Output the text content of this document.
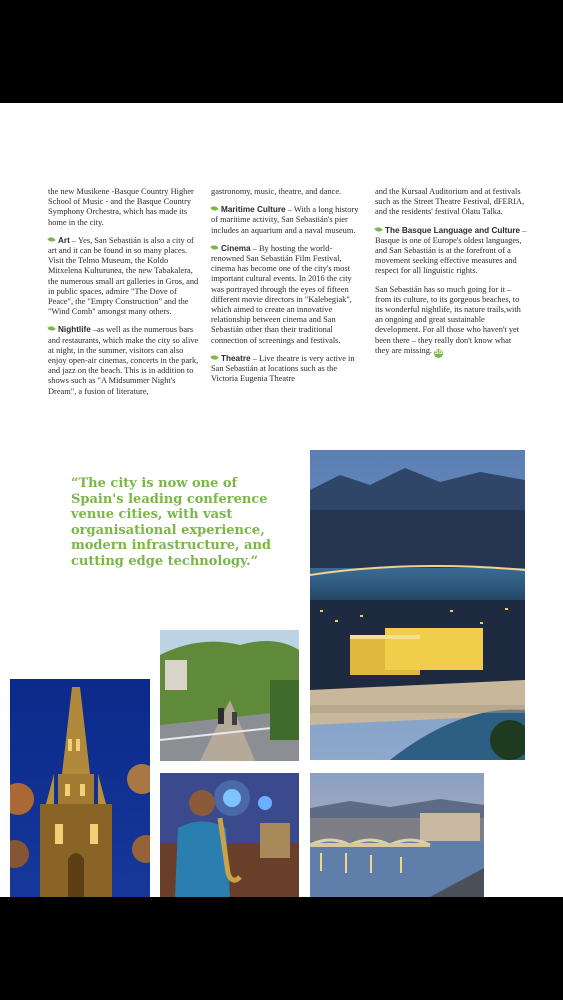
the new Musikene -Basque Country Higher School of Music - and the Basque Country Symphony Orchestra, which has made its home in the city.

Art – Yes, San Sebastián is also a city of art and it can be found in so many places. Visit the Telmo Museum, the Koldo Mitxelena Kulturunea, the new Tabakalera, the numerous small art galleries in Gros, and in public spaces, admire "The Dove of Peace", the "Empty Construction" and the "Wind Comb" amongst many others.

Nightlife –as well as the numerous bars and restaurants, which make the city so alive at night, in the summer, visitors can also enjoy open-air cinemas, concerts in the park, and jazz on the beach. This is in addition to shows such as "A Midsummer Night's Dream", a fusion of literature,

gastronomy, music, theatre, and dance.

Maritime Culture – With a long history of maritime activity, San Sebastián's pier includes an aquarium and a naval museum.

Cinema – By hosting the world-renowned San Sebastián Film Festival, cinema has become one of the city's most important cultural events. In 2016 the city was portrayed through the eyes of fifteen different movie directors in "Kalebegiak", which aimed to create an innovative relationship between cinema and San Sebastián other than their traditional connection of screenings and festivals.

Theatre – Live theatre is very active in San Sebastián at locations such as the Victoria Eugenia Theatre

and the Kursaal Auditorium and at festivals such as the Street Theatre Festival, dFERIA, and the residents' festival Olatu Talka.

The Basque Language and Culture – Basque is one of Europe's oldest languages, and San Sebastián is at the forefront of a movement seeking effective measures and respect for all linguistic rights.

San Sebastián has so much going for it – from its culture, to its gorgeous beaches, to its wonderful nightlife, its nature trails,with an ongoing and great sustainable development. For all those who haven't yet been there – they really don't know what they are missing. SS

“The city is now one of Spain's leading conference venue cities, with vast organisational experience, modern infrastructure, and cutting edge technology.”
